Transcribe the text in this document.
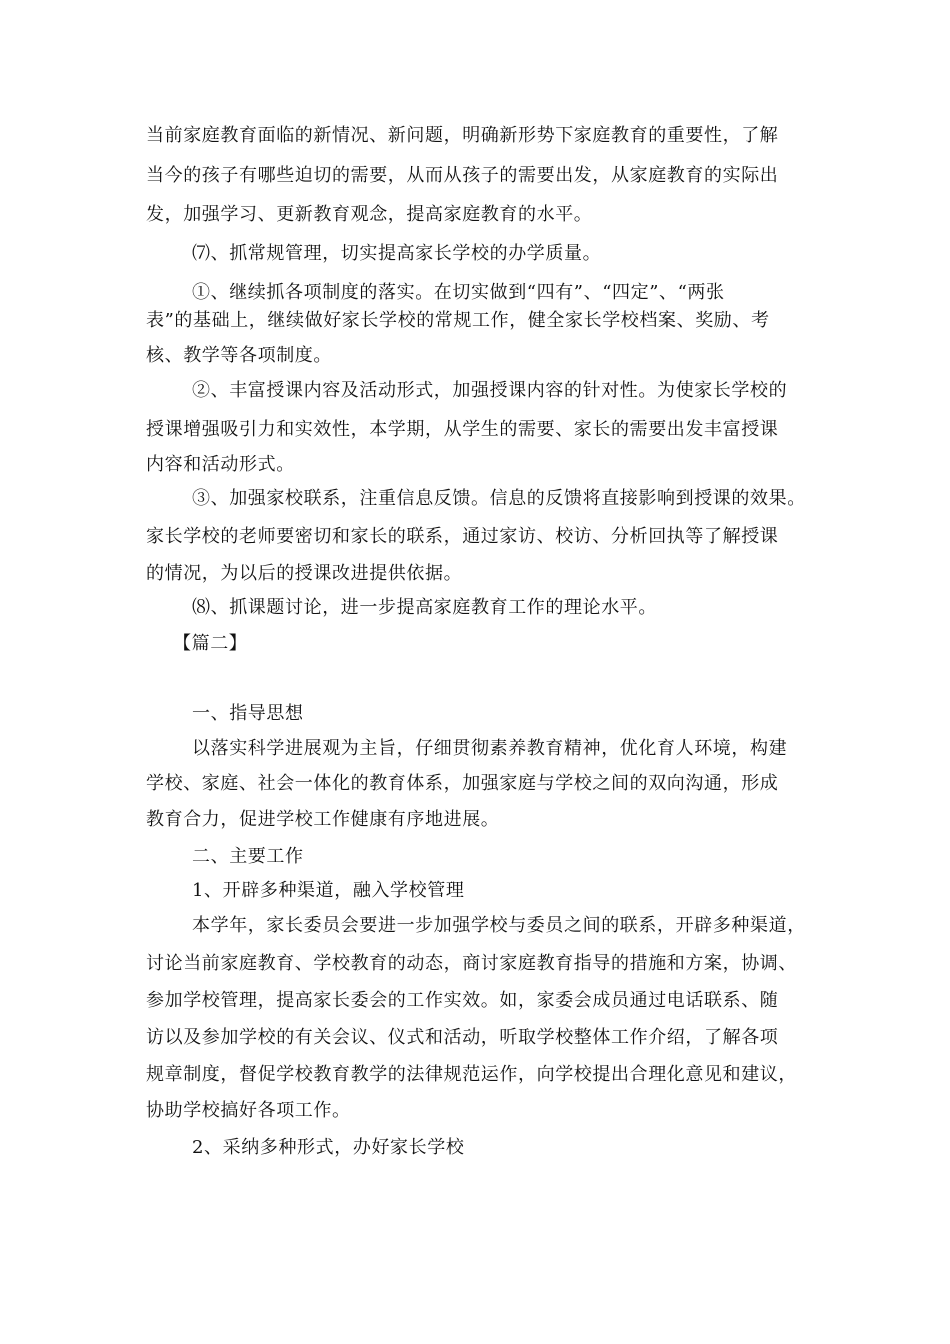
当前家庭教育面临的新情况、新问题，明确新形势下家庭教育的重要性，了解
当今的孩子有哪些迫切的需要，从而从孩子的需要出发，从家庭教育的实际出
发，加强学习、更新教育观念，提高家庭教育的水平。
⑺、抓常规管理，切实提高家长学校的办学质量。
①、继续抓各项制度的落实。在切实做到“四有”、“四定”、“两张
表”的基础上，继续做好家长学校的常规工作，健全家长学校档案、奖励、考
核、教学等各项制度。
②、丰富授课内容及活动形式，加强授课内容的针对性。为使家长学校的
授课增强吸引力和实效性，本学期，从学生的需要、家长的需要出发丰富授课
内容和活动形式。
③、加强家校联系，注重信息反馈。信息的反馈将直接影响到授课的效果。
家长学校的老师要密切和家长的联系，通过家访、校访、分析回执等了解授课
的情况，为以后的授课改进提供依据。
⑻、抓课题讨论，进一步提高家庭教育工作的理论水平。
【篇二】
一、指导思想
以落实科学进展观为主旨，仔细贯彻素养教育精神，优化育人环境，构建
学校、家庭、社会一体化的教育体系，加强家庭与学校之间的双向沟通，形成
教育合力，促进学校工作健康有序地进展。
二、主要工作
1、开辟多种渠道，融入学校管理
本学年，家长委员会要进一步加强学校与委员之间的联系，开辟多种渠道，
讨论当前家庭教育、学校教育的动态，商讨家庭教育指导的措施和方案，协调、
参加学校管理，提高家长委会的工作实效。如，家委会成员通过电话联系、随
访以及参加学校的有关会议、仪式和活动，听取学校整体工作介绍，了解各项
规章制度，督促学校教育教学的法律规范运作，向学校提出合理化意见和建议，
协助学校搞好各项工作。
2、采纳多种形式，办好家长学校
